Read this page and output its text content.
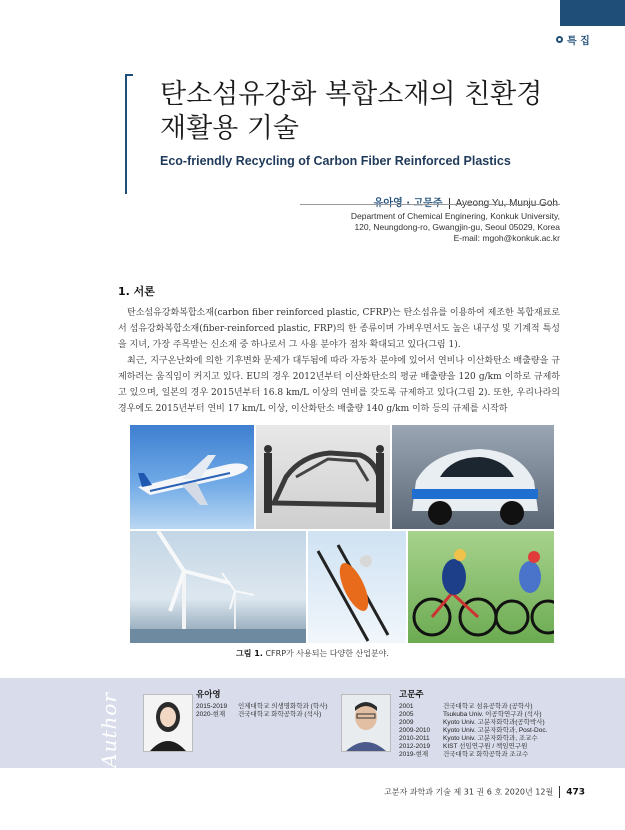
특 집
탄소섬유강화 복합소재의 친환경
재활용 기술
Eco-friendly Recycling of Carbon Fiber Reinforced Plastics
Department of Chemical Enginering, Konkuk University,
120, Neungdong-ro, Gwangjin-gu, Seoul 05029, Korea
E-mail: mgoh@konkuk.ac.kr
1. 서론

탄소섬유강화복합소재(carbon fiber reinforced plastic, CFRP)는 탄소섬유를 이용하여 제조한 복합재료로서 섬유강화복합소재(fiber-reinforced plastic, FRP)의 한 종류이며 가벼우면서도 높은 내구성 및 기계적 특성을 지녀, 가장 주목받는 신소재 중 하나로서 그 사용 분야가 점차 확대되고 있다(그림 1).

최근, 지구온난화에 의한 기후변화 문제가 대두됨에 따라 자동차 분야에 있어서 연비나 이산화탄소 배출량을 규제하려는 움직임이 커지고 있다. EU의 경우 2012년부터 이산화탄소의 평균 배출량을 120 g/km 이하로 규제하고 있으며, 일본의 경우 2015년부터 16.8 km/L 이상의 연비를 갖도록 규제하고 있다(그림 2). 또한, 우리나라의 경우에도 2015년부터 연비 17 km/L 이상, 이산화탄소 배출량 140 g/km 이하 등의 규제를 시작하

그림 1. CFRP가 사용되는 다양한 산업분야.
Author	유아영
2015-2019 인제대학교 의생명화학과 (학사)
2020-현재 건국대학교 화학공학과 (석사)
고문주
2001	건국대학교 섬유공학과 (공학사)
2005	Tsukuba Univ. 이공학연구과 (석사)
2009	Kyoto Univ. 고분자화학과(공학박사)
2009-2010 Kyoto Univ. 고분자화학과, Post-Doc.
2010-2011 Kyoto Univ. 고분자화학과, 조교수
2012-2019 KIST 선임연구원 / 책임연구원
2019-현재 건국대학교 화학공학과 조교수
고분자 과학과 기술 제 31 권 6 호 2020년 12월 473
